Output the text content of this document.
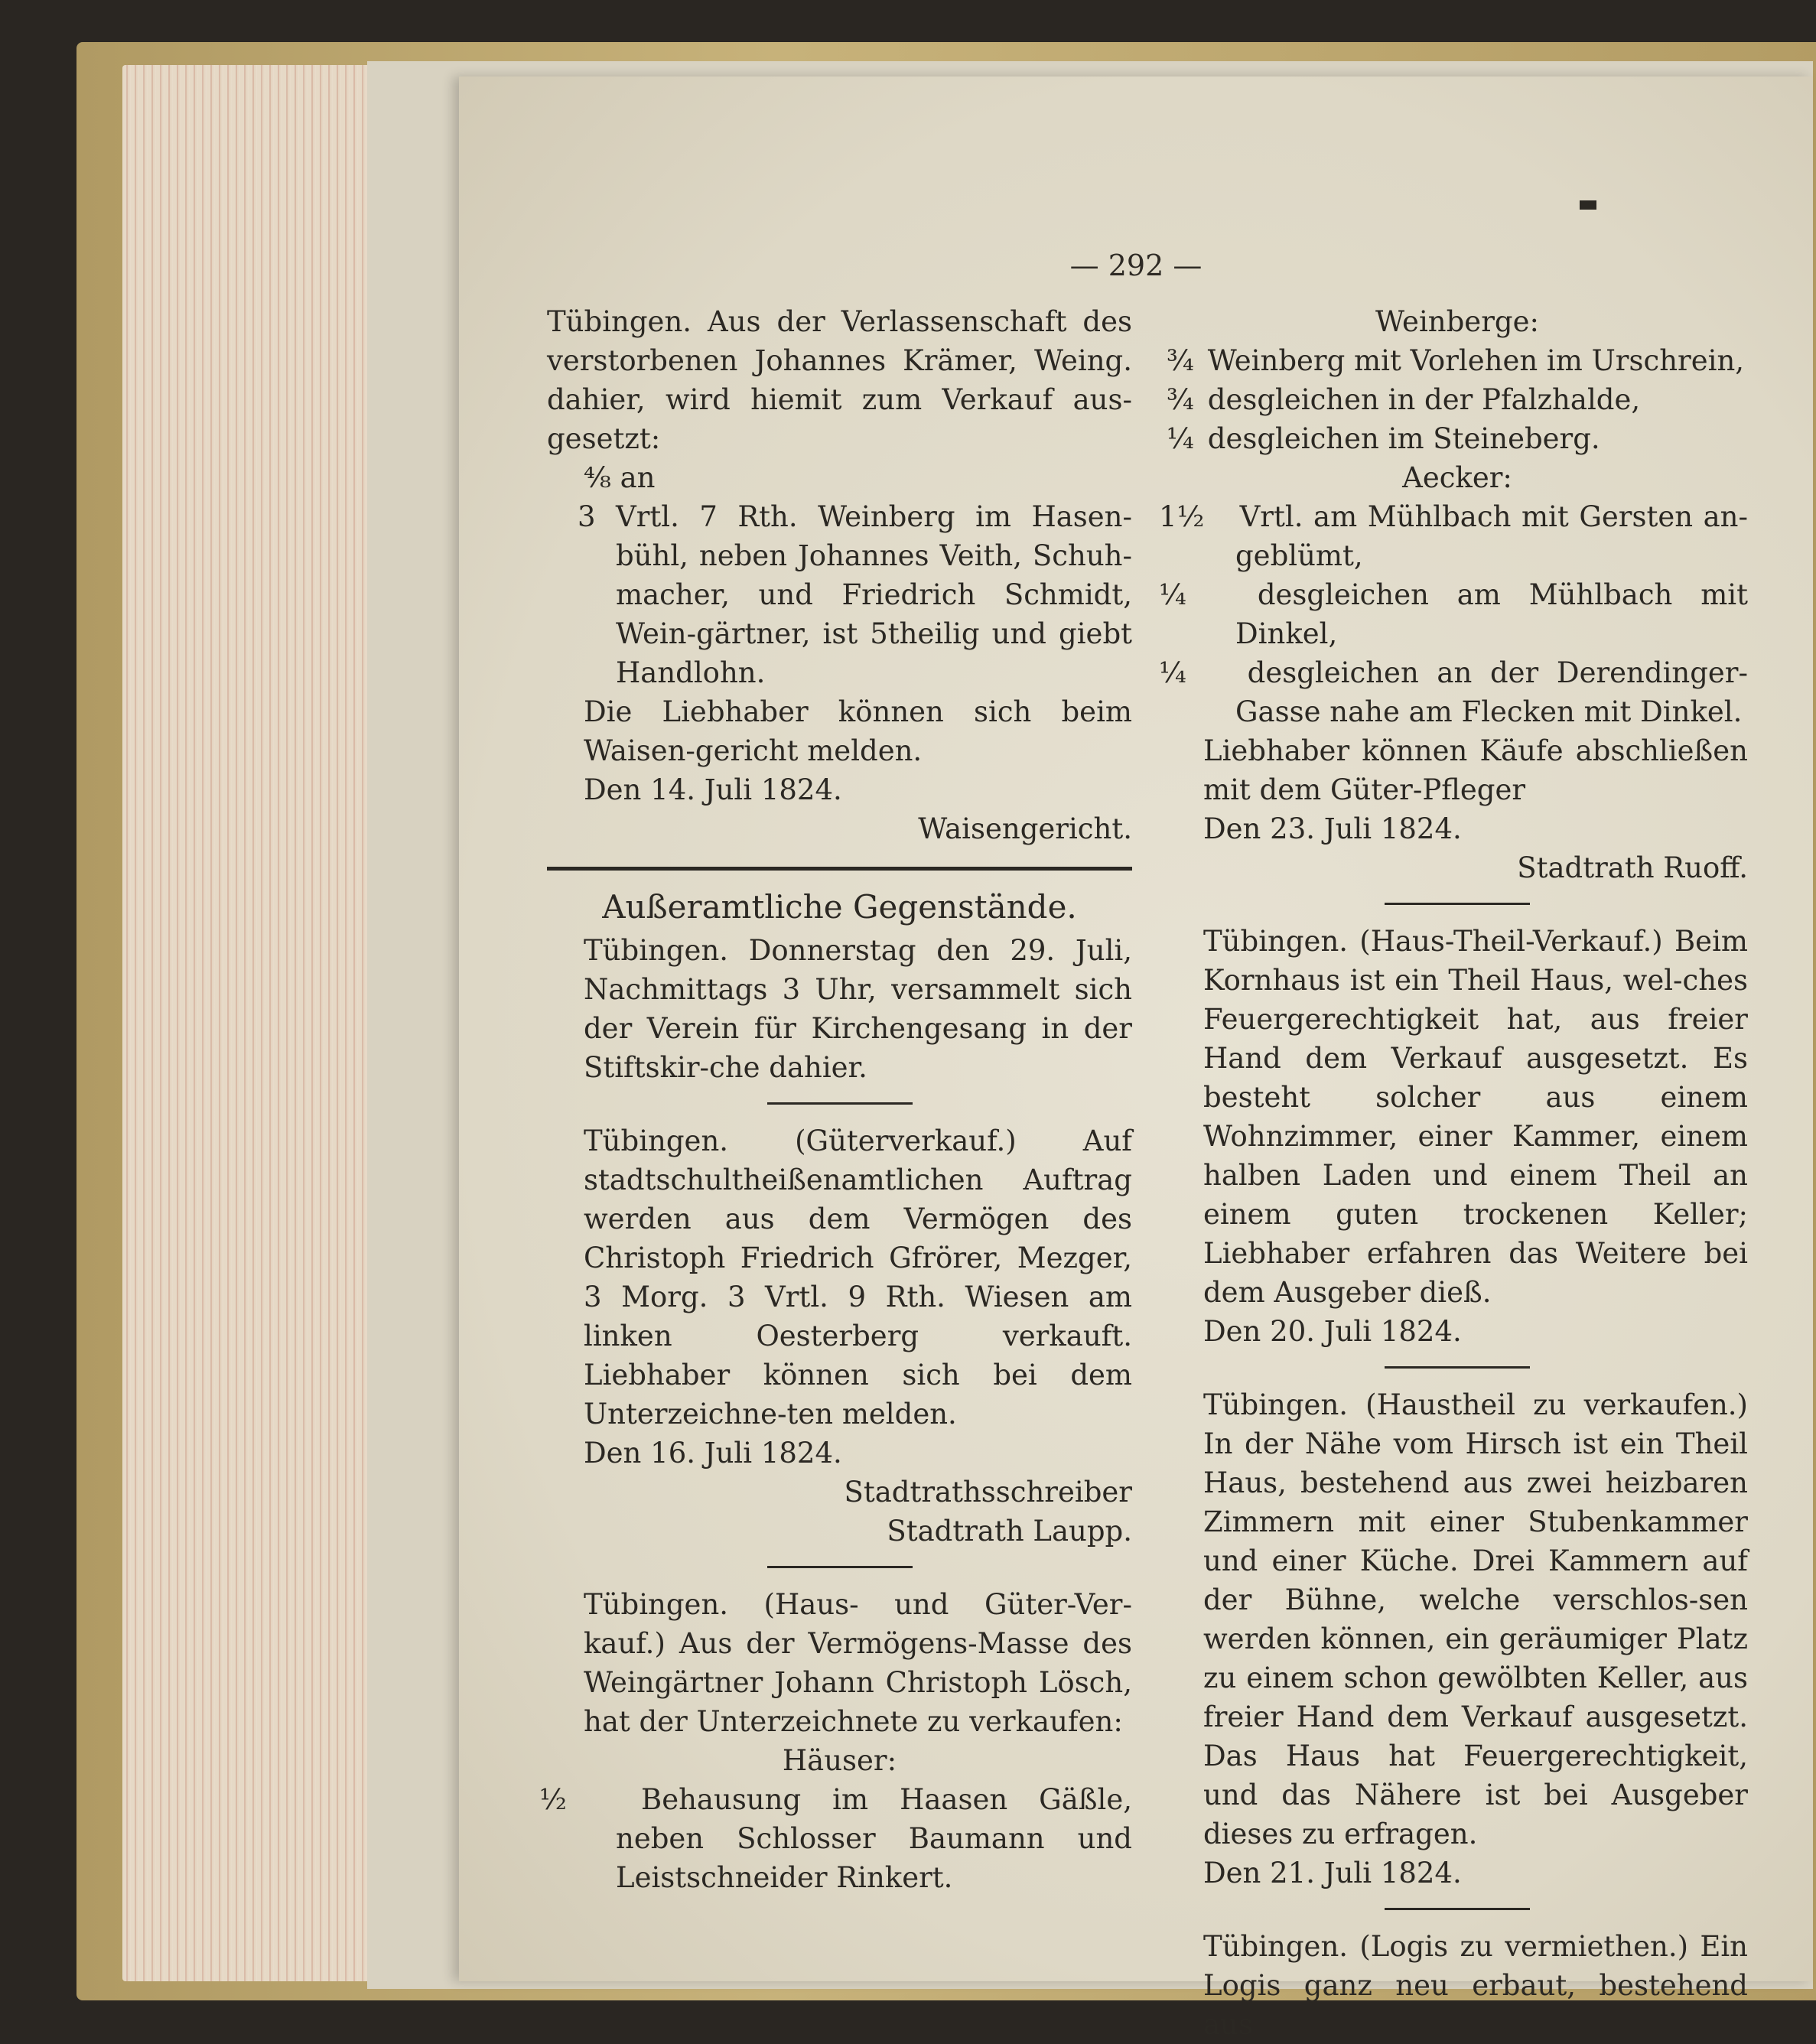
— 292 —

Tübingen. Aus der Verlassenschaft des verstorbenen Johannes Krämer, Weing. dahier, wird hiemit zum Verkauf aus-gesetzt:

⁴⁄₈ an

3 Vrtl. 7 Rth. Weinberg im Hasen-bühl, neben Johannes Veith, Schuh-macher, und Friedrich Schmidt, Wein-gärtner, ist 5theilig und giebt Handlohn.

Die Liebhaber können sich beim Waisen-gericht melden.

Den 14. Juli 1824.

Waisengericht.

Außeramtliche Gegenstände.

Tübingen. Donnerstag den 29. Juli, Nachmittags 3 Uhr, versammelt sich der Verein für Kirchengesang in der Stiftskir-che dahier.

Tübingen. (Güterverkauf.) Auf stadtschultheißenamtlichen Auftrag werden aus dem Vermögen des Christoph Friedrich Gfrörer, Mezger, 3 Morg. 3 Vrtl. 9 Rth. Wiesen am linken Oesterberg verkauft. Liebhaber können sich bei dem Unterzeichne-ten melden.

Den 16. Juli 1824.

Stadtrathsschreiber

Stadtrath Laupp.

Tübingen. (Haus- und Güter-Ver-kauf.) Aus der Vermögens-Masse des Weingärtner Johann Christoph Lösch, hat der Unterzeichnete zu verkaufen:

Häuser:

½	Behausung im Haasen Gäßle, neben Schlosser Baumann und Leistschneider Rinkert.

Weinberge:

¾ Weinberg mit Vorlehen im Urschrein,

¾ desgleichen in der Pfalzhalde,

¼ desgleichen im Steineberg.

Aecker:

1½ Vrtl. am Mühlbach mit Gersten an-geblümt,

¼	desgleichen am Mühlbach mit Dinkel,

¼ desgleichen an der Derendinger-Gasse nahe am Flecken mit Dinkel.

Liebhaber können Käufe abschließen mit dem Güter-Pfleger

Den 23. Juli 1824.

Stadtrath Ruoff.

Tübingen. (Haus-Theil-Verkauf.) Beim Kornhaus ist ein Theil Haus, wel-ches Feuergerechtigkeit hat, aus freier Hand dem Verkauf ausgesetzt. Es besteht solcher aus einem Wohnzimmer, einer Kammer, einem halben Laden und einem Theil an einem guten trockenen Keller; Liebhaber erfahren das Weitere bei dem Ausgeber dieß.

Den 20. Juli 1824.

Tübingen. (Haustheil zu verkaufen.) In der Nähe vom Hirsch ist ein Theil Haus, bestehend aus zwei heizbaren Zimmern mit einer Stubenkammer und einer Küche. Drei Kammern auf der Bühne, welche verschlos-sen werden können, ein geräumiger Platz zu einem schon gewölbten Keller, aus freier Hand dem Verkauf ausgesetzt. Das Haus hat Feuergerechtigkeit, und das Nähere ist bei Ausgeber dieses zu erfragen.

Den 21. Juli 1824.

Tübingen. (Logis zu vermiethen.) Ein Logis ganz neu erbaut, bestehend aus
